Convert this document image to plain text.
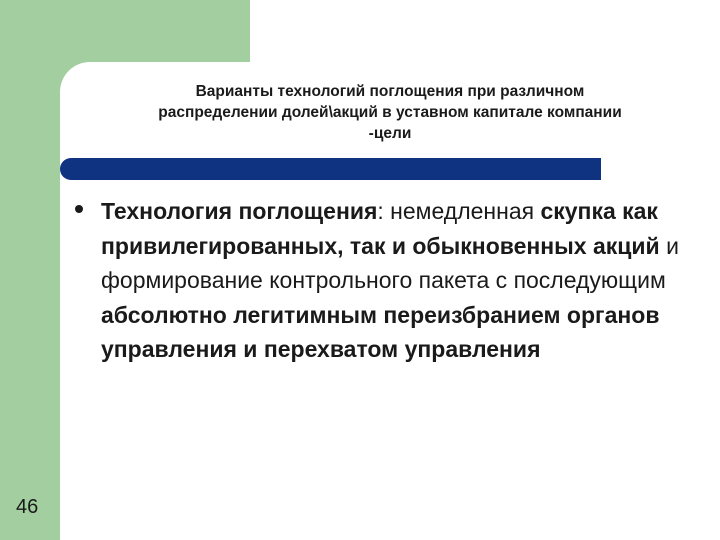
Варианты технологий поглощения при различном
распределении долей\акций в уставном капитале компании
-цели
Технология поглощения: немедленная скупка как привилегированных, так и обыкновенных акций и формирование контрольного пакета с последующим абсолютно легитимным переизбранием органов управления и перехватом управления
46
